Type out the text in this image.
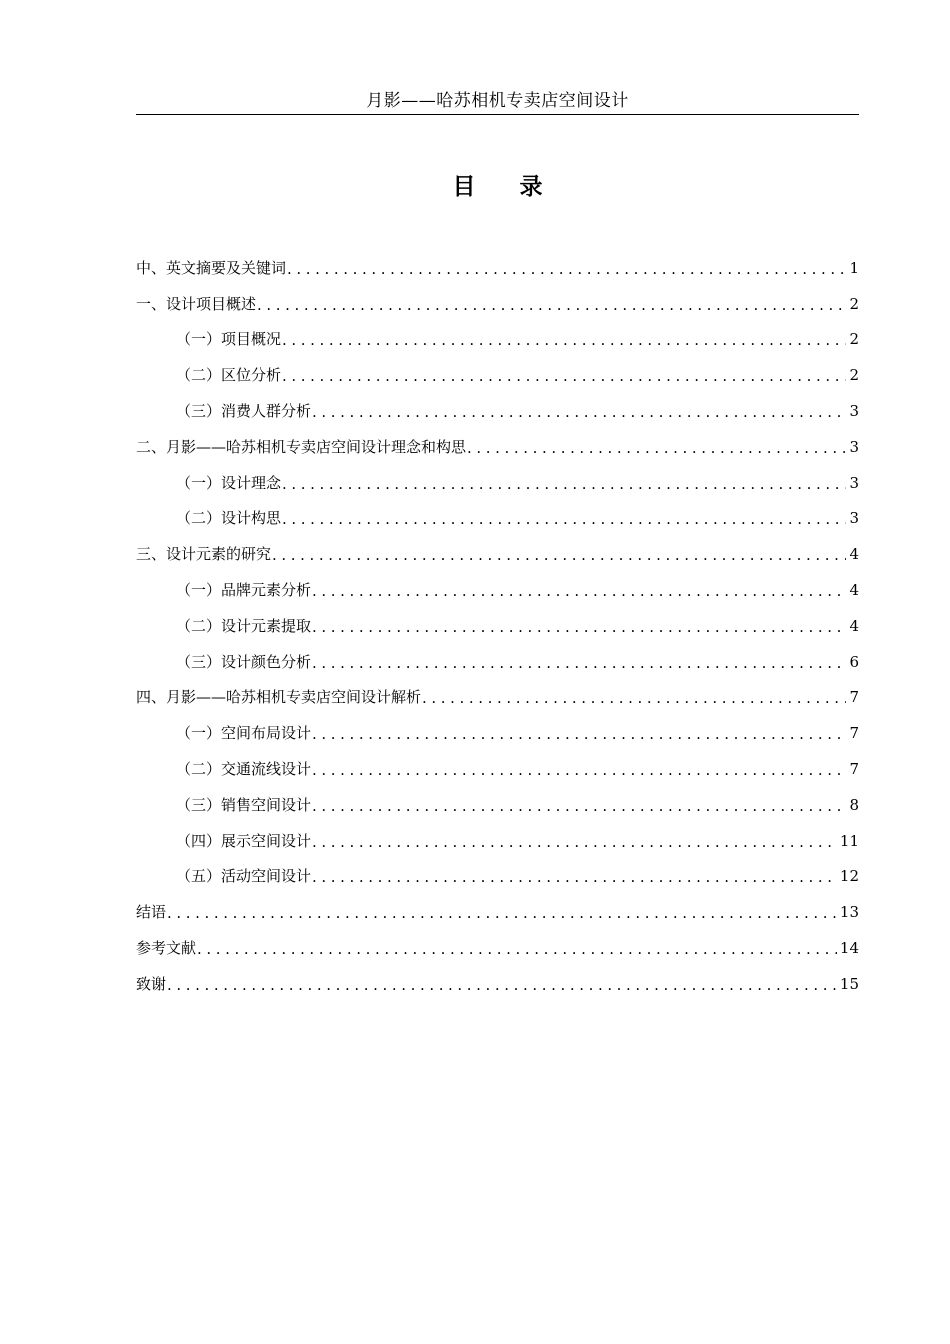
月影——哈苏相机专卖店空间设计
目录
中、英文摘要及关键词 .....	1
一、设计项目概述 .....	2
（一）项目概况 .....	2
（二）区位分析 .....	2
（三）消费人群分析 .....	3
二、月影——哈苏相机专卖店空间设计理念和构思 .....	3
（一）设计理念 .....	3
（二）设计构思 .....	3
三、设计元素的研究 .....	4
（一）品牌元素分析 .....	4
（二）设计元素提取 .....	4
（三）设计颜色分析 .....	6
四、月影——哈苏相机专卖店空间设计解析 .....	7
（一）空间布局设计 .....	7
（二）交通流线设计 .....	7
（三）销售空间设计 .....	8
（四）展示空间设计 .....	11
（五）活动空间设计 .....	12
结语 .....	13
参考文献 .....	14
致谢 .....	15
